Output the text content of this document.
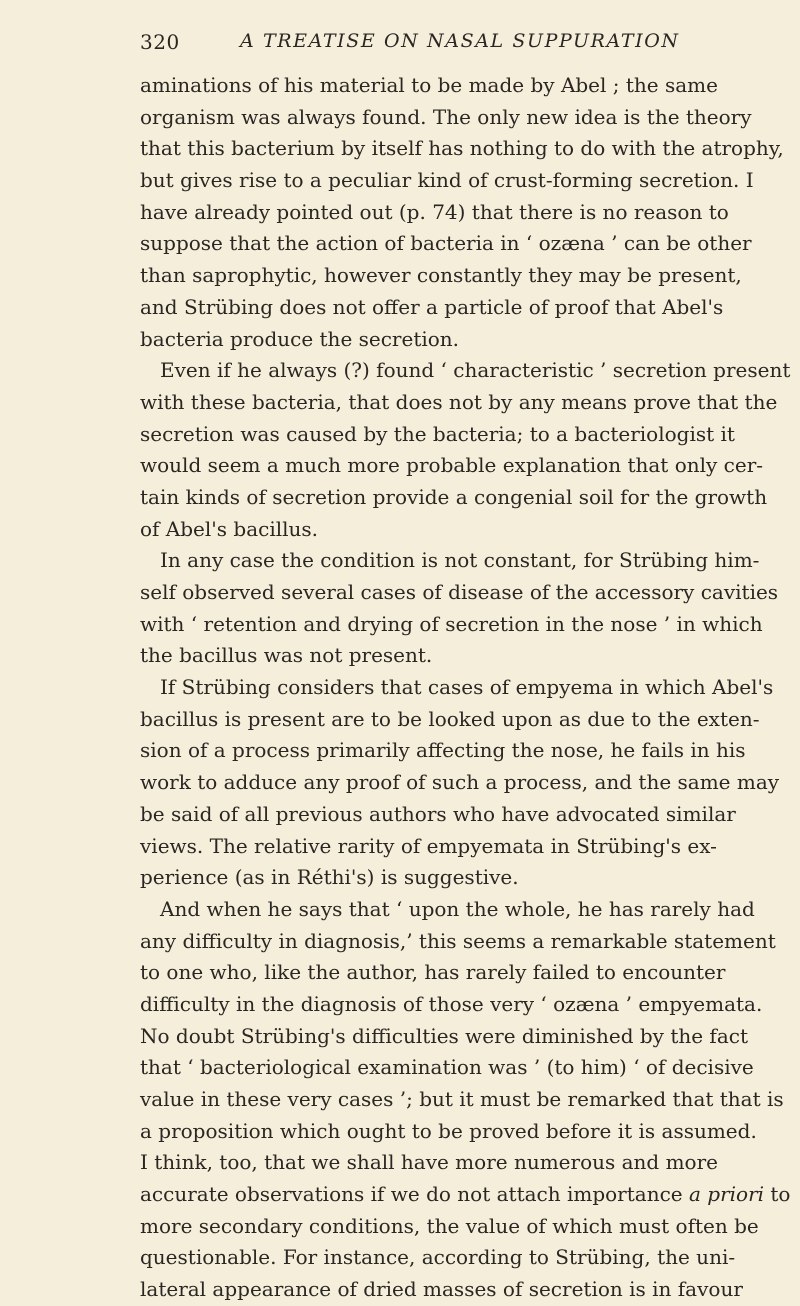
320	A TREATISE ON NASAL SUPPURATION
aminations of his material to be made by Abel ; the same
organism was always found. The only new idea is the theory
that this bacterium by itself has nothing to do with the atrophy,
but gives rise to a peculiar kind of crust-forming secretion. I
have already pointed out (p. 74) that there is no reason to
suppose that the action of bacteria in ‘ ozæna ’ can be other
than saprophytic, however constantly they may be present,
and Strübing does not offer a particle of proof that Abel's
bacteria produce the secretion.
Even if he always (?) found ‘ characteristic ’ secretion present
with these bacteria, that does not by any means prove that the
secretion was caused by the bacteria; to a bacteriologist it
would seem a much more probable explanation that only cer-
tain kinds of secretion provide a congenial soil for the growth
of Abel's bacillus.
In any case the condition is not constant, for Strübing him-
self observed several cases of disease of the accessory cavities
with ‘ retention and drying of secretion in the nose ’ in which
the bacillus was not present.
If Strübing considers that cases of empyema in which Abel's
bacillus is present are to be looked upon as due to the exten-
sion of a process primarily affecting the nose, he fails in his
work to adduce any proof of such a process, and the same may
be said of all previous authors who have advocated similar
views. The relative rarity of empyemata in Strübing's ex-
perience (as in Réthi's) is suggestive.
And when he says that ‘ upon the whole, he has rarely had
any difficulty in diagnosis,’ this seems a remarkable statement
to one who, like the author, has rarely failed to encounter
difficulty in the diagnosis of those very ‘ ozæna ’ empyemata.
No doubt Strübing's difficulties were diminished by the fact
that ‘ bacteriological examination was ’ (to him) ‘ of decisive
value in these very cases ’; but it must be remarked that that is
a proposition which ought to be proved before it is assumed.
I think, too, that we shall have more numerous and more
accurate observations if we do not attach importance a priori to
more secondary conditions, the value of which must often be
questionable. For instance, according to Strübing, the uni-
lateral appearance of dried masses of secretion is in favour
